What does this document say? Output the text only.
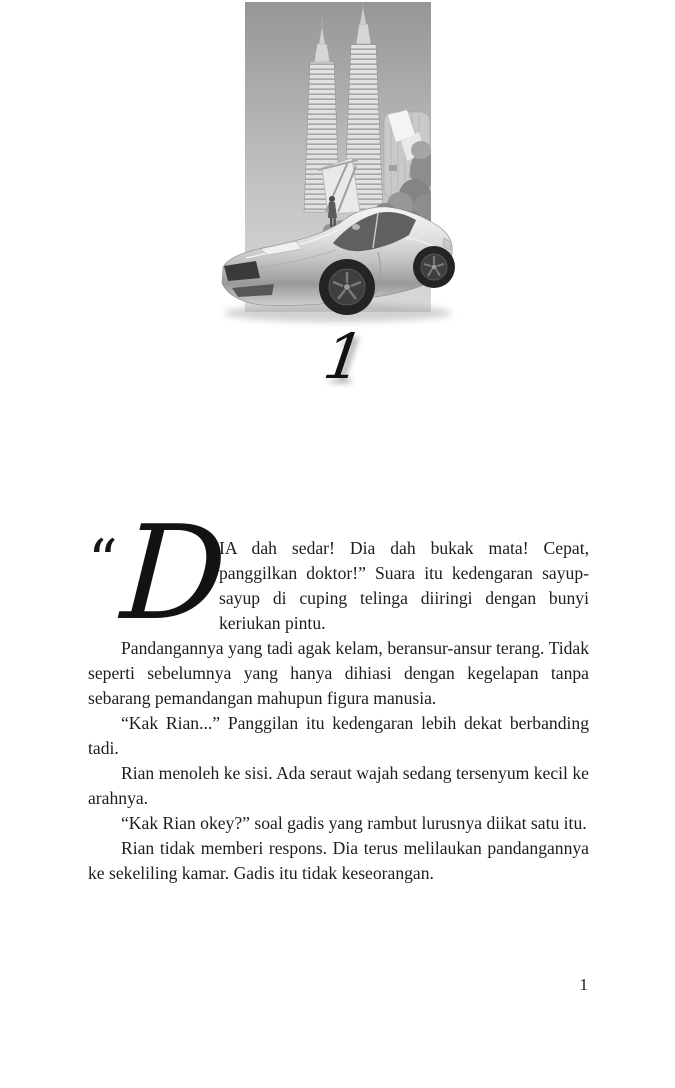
1

“ D
IA dah sedar! Dia dah bukak mata! Cepat, panggilkan doktor!” Suara itu kedengaran sayup-sayup di cuping telinga diiringi dengan bunyi keriukan pintu.

Pandangannya yang tadi agak kelam, beransur-ansur terang. Tidak seperti sebelumnya yang hanya dihiasi dengan kegelapan tanpa sebarang pemandangan mahupun figura manusia.

“Kak Rian...” Panggilan itu kedengaran lebih dekat berbanding tadi.

Rian menoleh ke sisi. Ada seraut wajah sedang tersenyum kecil ke arahnya.

“Kak Rian okey?” soal gadis yang rambut lurusnya diikat satu itu.

Rian tidak memberi respons. Dia terus melilaukan pandangannya ke sekeliling kamar. Gadis itu tidak keseorangan.

1
